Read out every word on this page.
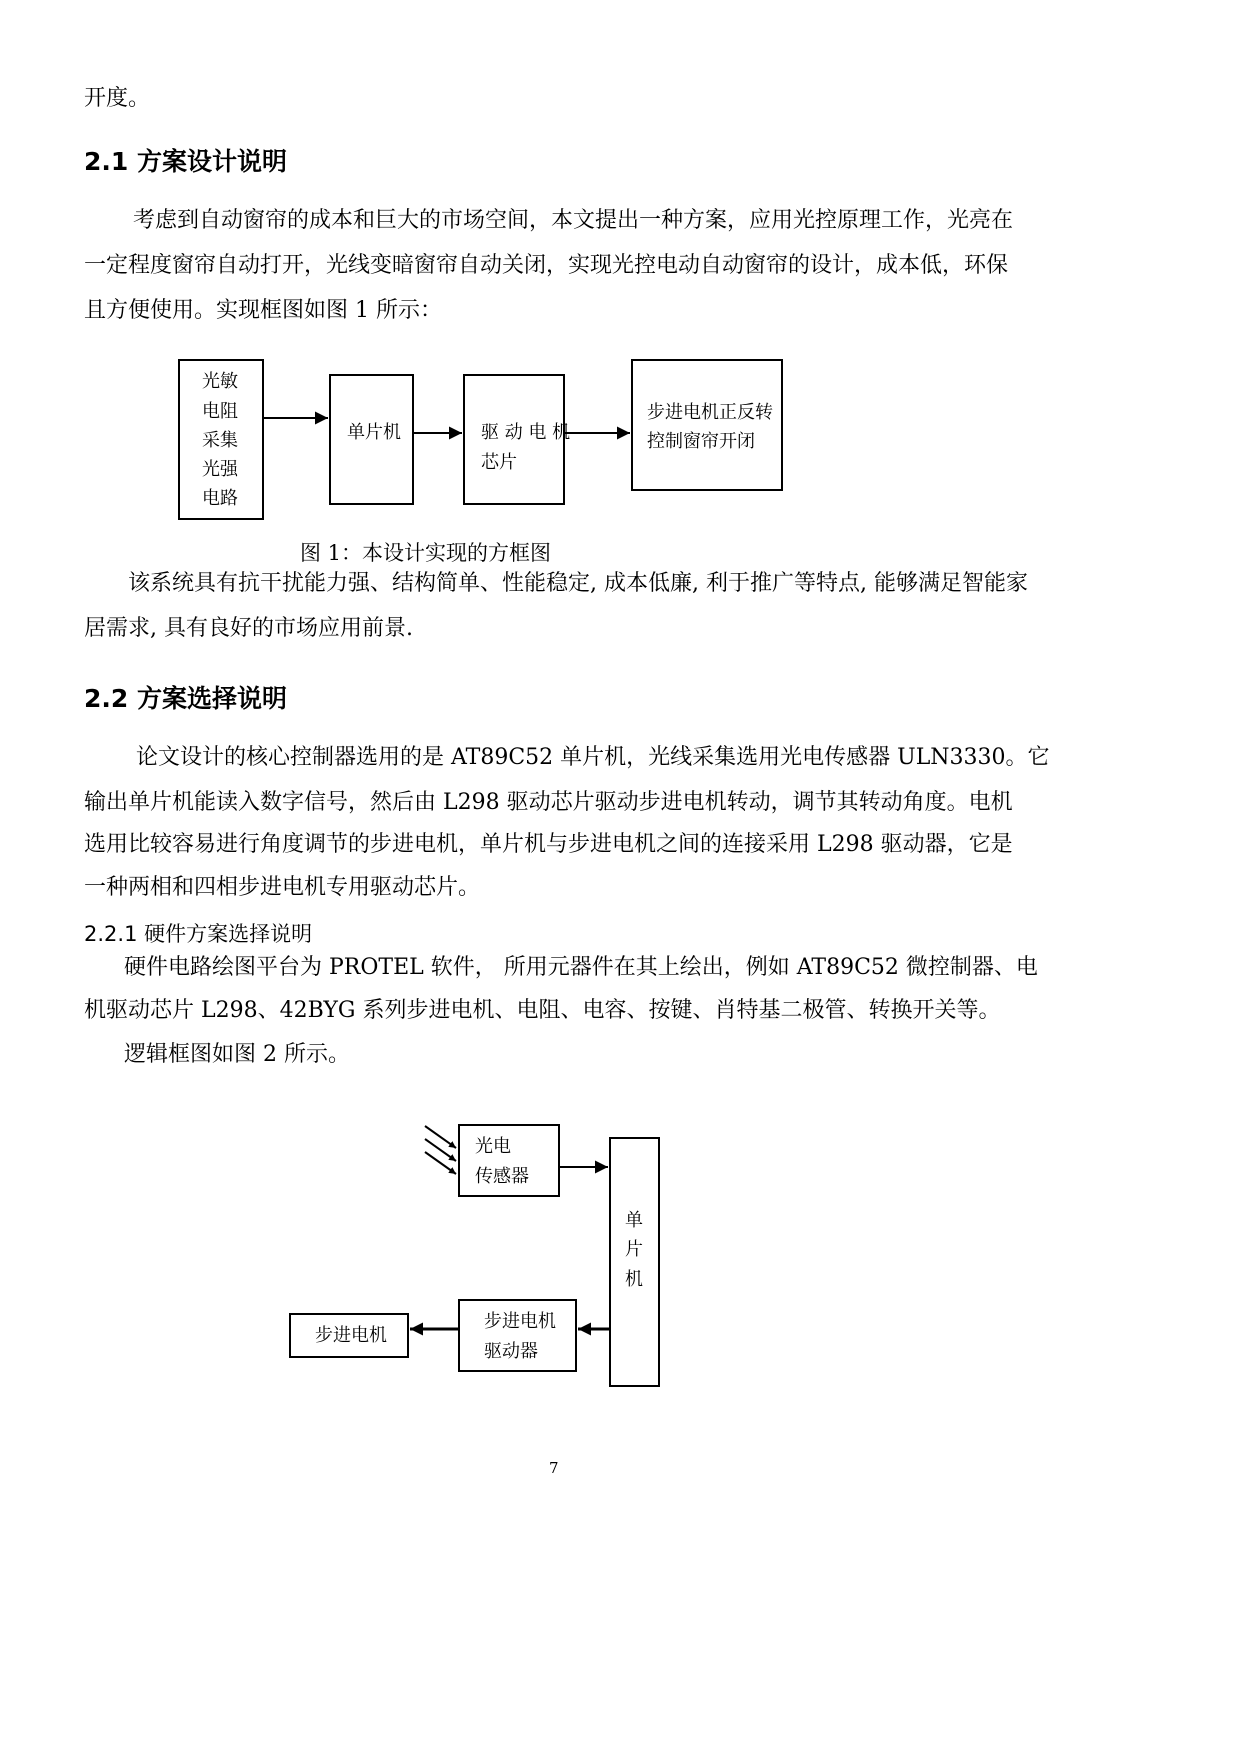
开度。
2.1 方案设计说明
考虑到自动窗帘的成本和巨大的市场空间，本文提出一种方案，应用光控原理工作，光亮在
一定程度窗帘自动打开，光线变暗窗帘自动关闭，实现光控电动自动窗帘的设计，成本低，环保
且方便使用。实现框图如图 1 所示：
光敏
电阻
采集
光强
电路
单片机	驱 动 电 机
芯片
步进电机正反转
控制窗帘开闭
图 1：本设计实现的方框图
该系统具有抗干扰能力强、结构简单、性能稳定, 成本低廉, 利于推广等特点, 能够满足智能家
居需求, 具有良好的市场应用前景.
2.2 方案选择说明
论文设计的核心控制器选用的是 AT89C52 单片机，光线采集选用光电传感器 ULN3330。它
输出单片机能读入数字信号，然后由 L298 驱动芯片驱动步进电机转动，调节其转动角度。电机
选用比较容易进行角度调节的步进电机，单片机与步进电机之间的连接采用 L298 驱动器，它是
一种两相和四相步进电机专用驱动芯片。
2.2.1 硬件方案选择说明
硬件电路绘图平台为 PROTEL 软件， 所用元器件在其上绘出，例如 AT89C52 微控制器、电
机驱动芯片 L298、42BYG 系列步进电机、电阻、电容、按键、肖特基二极管、转换开关等。
逻辑框图如图 2 所示。
光电
传感器
单
片
机
步进电机
驱动器
步进电机
7
